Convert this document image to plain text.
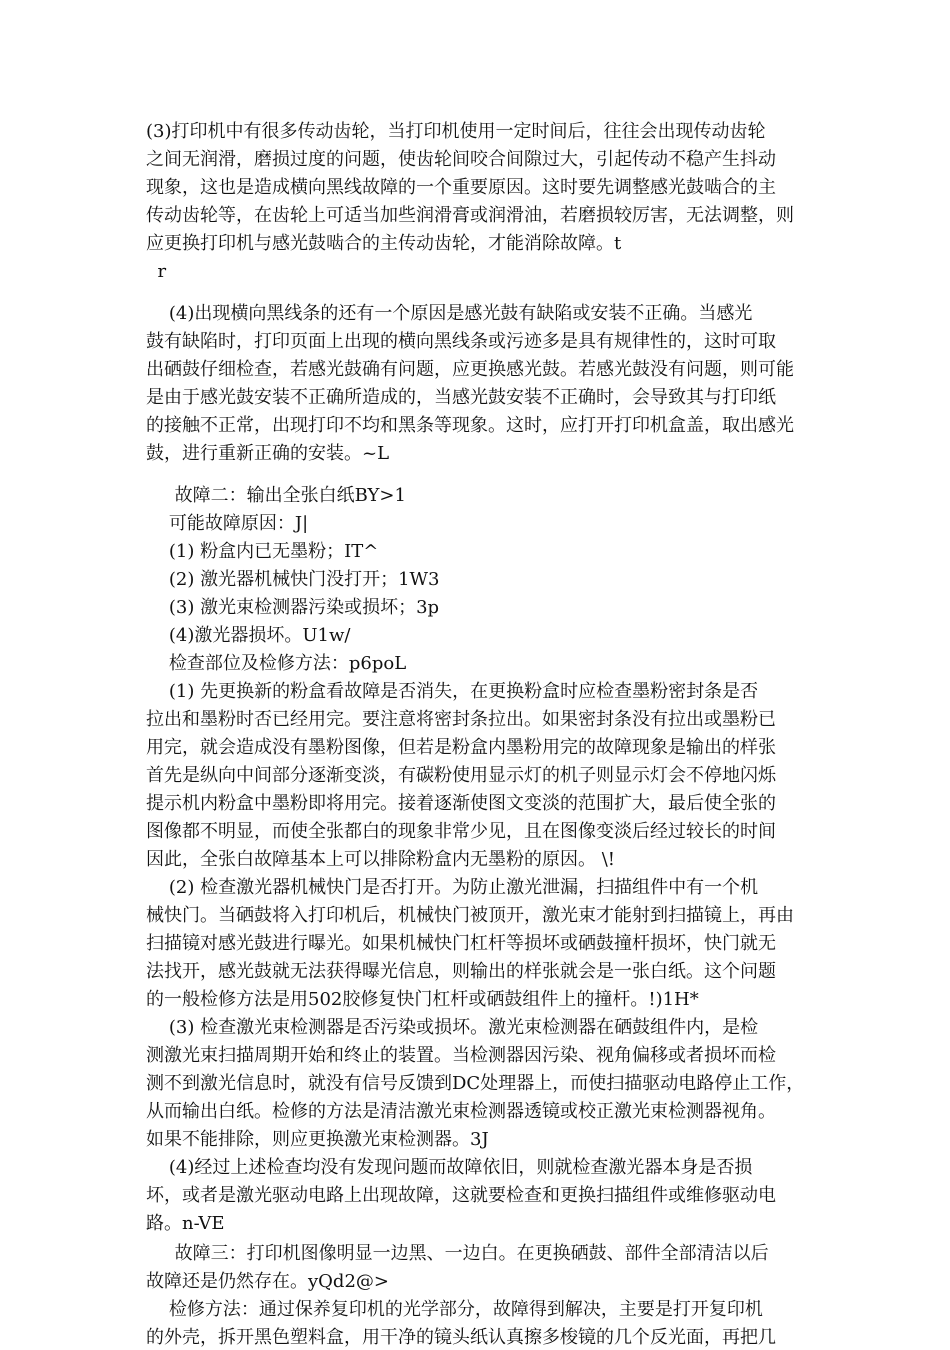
(3)打印机中有很多传动齿轮，当打印机使用一定时间后，往往会出现传动齿轮
之间无润滑，磨损过度的问题，使齿轮间咬合间隙过大，引起传动不稳产生抖动
现象，这也是造成横向黑线故障的一个重要原因。这时要先调整感光鼓啮合的主
传动齿轮等，在齿轮上可适当加些润滑膏或润滑油，若磨损较厉害，无法调整，则
应更换打印机与感光鼓啮合的主传动齿轮，才能消除故障。t
r
(4)出现横向黑线条的还有一个原因是感光鼓有缺陷或安装不正确。当感光
鼓有缺陷时，打印页面上出现的横向黑线条或污迹多是具有规律性的，这时可取
出硒鼓仔细检查，若感光鼓确有问题，应更换感光鼓。若感光鼓没有问题，则可能
是由于感光鼓安装不正确所造成的，当感光鼓安装不正确时，会导致其与打印纸
的接触不正常，出现打印不均和黑条等现象。这时，应打开打印机盒盖，取出感光
鼓，进行重新正确的安装。~L
故障二：输出全张白纸BY>1
可能故障原因：J|
(1) 粉盒内已无墨粉；IT^
(2) 激光器机械快门没打开；1W3
(3) 激光束检测器污染或损坏；3p
(4)激光器损坏。U1w/
检查部位及检修方法：p6poL
(1) 先更换新的粉盒看故障是否消失，在更换粉盒时应检查墨粉密封条是否
拉出和墨粉时否已经用完。要注意将密封条拉出。如果密封条没有拉出或墨粉已
用完，就会造成没有墨粉图像，但若是粉盒内墨粉用完的故障现象是输出的样张
首先是纵向中间部分逐渐变淡，有碳粉使用显示灯的机子则显示灯会不停地闪烁
提示机内粉盒中墨粉即将用完。接着逐渐使图文变淡的范围扩大，最后使全张的
图像都不明显，而使全张都白的现象非常少见，且在图像变淡后经过较长的时间
因此，全张白故障基本上可以排除粉盒内无墨粉的原因。 \!
(2) 检查激光器机械快门是否打开。为防止激光泄漏，扫描组件中有一个机
械快门。当硒鼓将入打印机后，机械快门被顶开，激光束才能射到扫描镜上，再由
扫描镜对感光鼓进行曝光。如果机械快门杠杆等损坏或硒鼓撞杆损坏，快门就无
法找开，感光鼓就无法获得曝光信息，则输出的样张就会是一张白纸。这个问题
的一般检修方法是用502胶修复快门杠杆或硒鼓组件上的撞杆。!)1H*
(3) 检查激光束检测器是否污染或损坏。激光束检测器在硒鼓组件内，是检
测激光束扫描周期开始和终止的装置。当检测器因污染、视角偏移或者损坏而检
测不到激光信息时，就没有信号反馈到DC处理器上，而使扫描驱动电路停止工作，
从而输出白纸。检修的方法是清洁激光束检测器透镜或校正激光束检测器视角。
如果不能排除，则应更换激光束检测器。3J
(4)经过上述检查均没有发现问题而故障依旧，则就检查激光器本身是否损
坏，或者是激光驱动电路上出现故障，这就要检查和更换扫描组件或维修驱动电
路。n-VE
故障三：打印机图像明显一边黑、一边白。在更换硒鼓、部件全部清洁以后
故障还是仍然存在。yQd2@>
检修方法：通过保养复印机的光学部分，故障得到解决，主要是打开复印机
的外壳，拆开黑色塑料盒，用干净的镜头纸认真擦多梭镜的几个反光面，再把几
